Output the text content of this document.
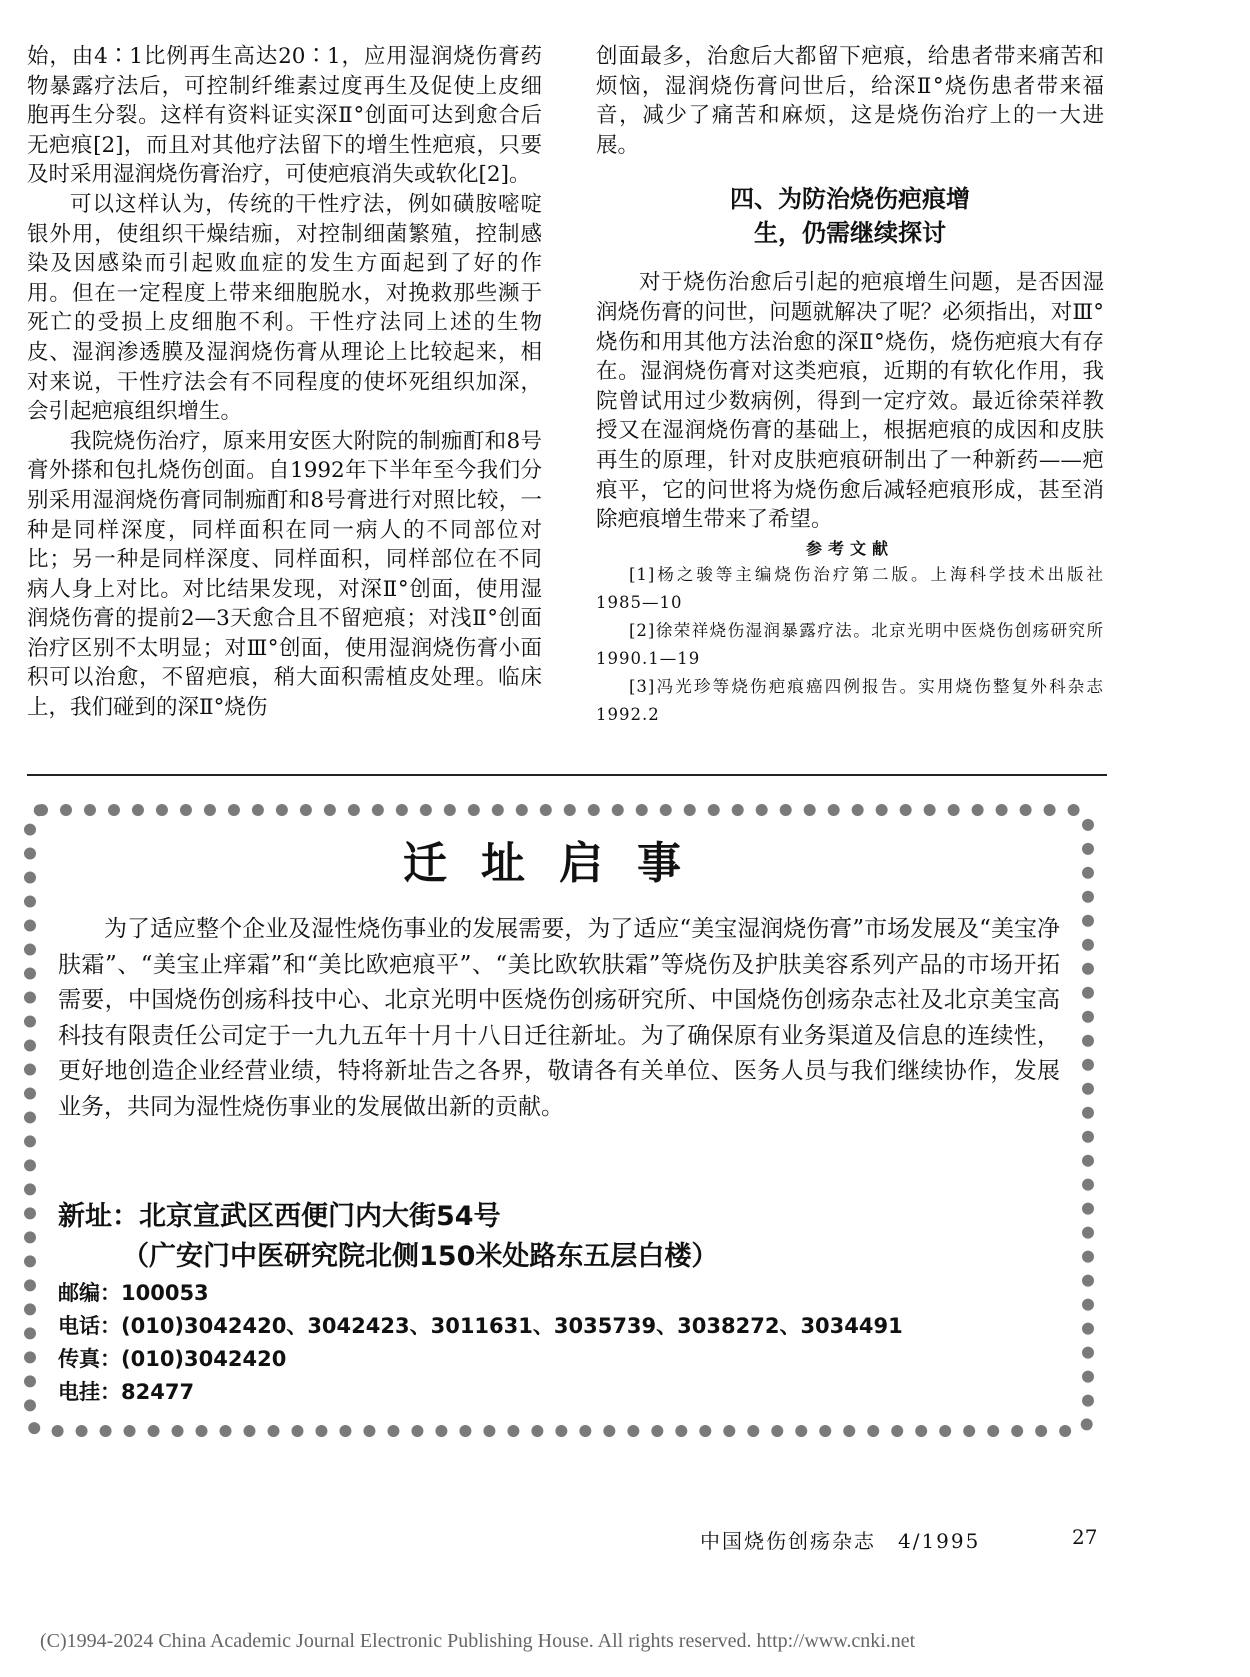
始，由4∶1比例再生高达20∶1，应用湿润烧伤膏药物暴露疗法后，可控制纤维素过度再生及促使上皮细胞再生分裂。这样有资料证实深Ⅱ°创面可达到愈合后无疤痕[2]，而且对其他疗法留下的增生性疤痕，只要及时采用湿润烧伤膏治疗，可使疤痕消失或软化[2]。

可以这样认为，传统的干性疗法，例如磺胺嘧啶银外用，使组织干燥结痂，对控制细菌繁殖，控制感染及因感染而引起败血症的发生方面起到了好的作用。但在一定程度上带来细胞脱水，对挽救那些濒于死亡的受损上皮细胞不利。干性疗法同上述的生物皮、湿润渗透膜及湿润烧伤膏从理论上比较起来，相对来说，干性疗法会有不同程度的使坏死组织加深，会引起疤痕组织增生。

我院烧伤治疗，原来用安医大附院的制痂酊和8号膏外搽和包扎烧伤创面。自1992年下半年至今我们分别采用湿润烧伤膏同制痂酊和8号膏进行对照比较，一种是同样深度，同样面积在同一病人的不同部位对比；另一种是同样深度、同样面积，同样部位在不同病人身上对比。对比结果发现，对深Ⅱ°创面，使用湿润烧伤膏的提前2—3天愈合且不留疤痕；对浅Ⅱ°创面治疗区别不太明显；对Ⅲ°创面，使用湿润烧伤膏小面积可以治愈，不留疤痕，稍大面积需植皮处理。临床上，我们碰到的深Ⅱ°烧伤

创面最多，治愈后大都留下疤痕，给患者带来痛苦和烦恼，湿润烧伤膏问世后，给深Ⅱ°烧伤患者带来福音，减少了痛苦和麻烦，这是烧伤治疗上的一大进展。

四、为防治烧伤疤痕增
生，仍需继续探讨

对于烧伤治愈后引起的疤痕增生问题，是否因湿润烧伤膏的问世，问题就解决了呢？必须指出，对Ⅲ°烧伤和用其他方法治愈的深Ⅱ°烧伤，烧伤疤痕大有存在。湿润烧伤膏对这类疤痕，近期的有软化作用，我院曾试用过少数病例，得到一定疗效。最近徐荣祥教授又在湿润烧伤膏的基础上，根据疤痕的成因和皮肤再生的原理，针对皮肤疤痕研制出了一种新药——疤痕平，它的问世将为烧伤愈后减轻疤痕形成，甚至消除疤痕增生带来了希望。

参考文献
[1]杨之骏等主编烧伤治疗第二版。上海科学技术出版社 1985—10
[2]徐荣祥烧伤湿润暴露疗法。北京光明中医烧伤创疡研究所 1990.1—19
[3]冯光珍等烧伤疤痕癌四例报告。实用烧伤整复外科杂志 1992.2
迁址启事

为了适应整个企业及湿性烧伤事业的发展需要，为了适应“美宝湿润烧伤膏”市场发展及“美宝净肤霜”、“美宝止痒霜”和“美比欧疤痕平”、“美比欧软肤霜”等烧伤及护肤美容系列产品的市场开拓需要，中国烧伤创疡科技中心、北京光明中医烧伤创疡研究所、中国烧伤创疡杂志社及北京美宝高科技有限责任公司定于一九九五年十月十八日迁往新址。为了确保原有业务渠道及信息的连续性，更好地创造企业经营业绩，特将新址告之各界，敬请各有关单位、医务人员与我们继续协作，发展业务，共同为湿性烧伤事业的发展做出新的贡献。

新址：北京宣武区西便门内大街54号
（广安门中医研究院北侧150米处路东五层白楼）
邮编：100053
电话：(010)3042420、3042423、3011631、3035739、3038272、3034491
传真：(010)3042420
电挂：82477
中国烧伤创疡杂志　4/1995	27
(C)1994-2024 China Academic Journal Electronic Publishing House. All rights reserved. http://www.cnki.net
